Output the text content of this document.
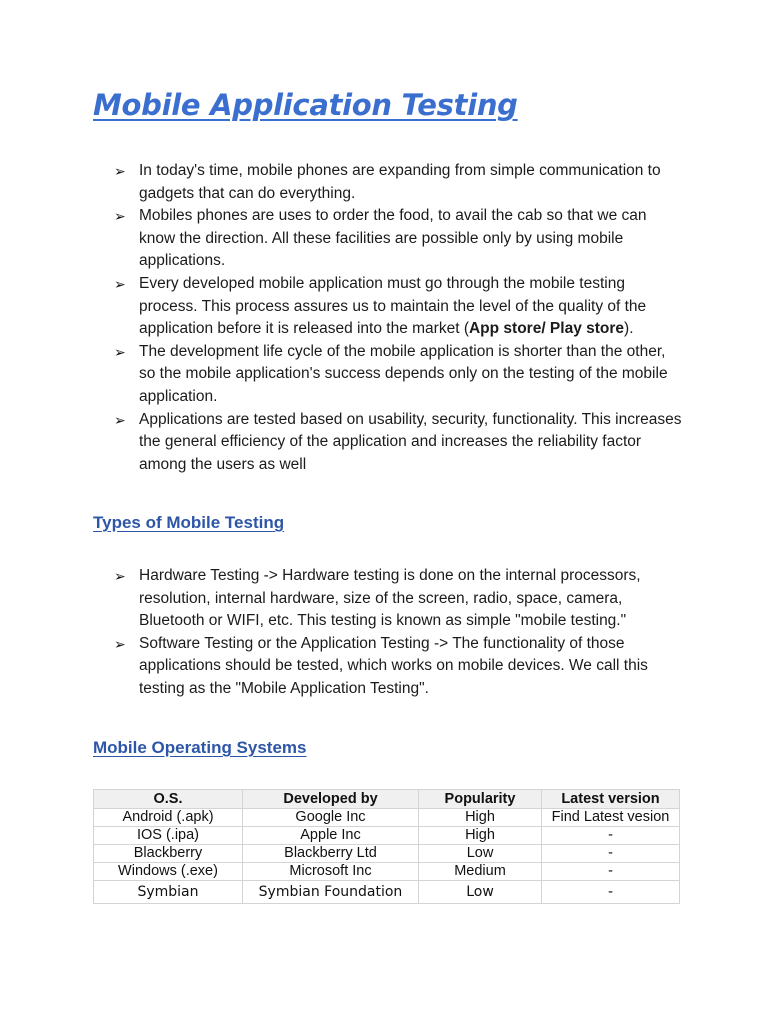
Mobile Application Testing
➢ In today's time, mobile phones are expanding from simple communication to gadgets that can do everything.
➢ Mobiles phones are uses to order the food, to avail the cab so that we can know the direction. All these facilities are possible only by using mobile applications.
➢ Every developed mobile application must go through the mobile testing process. This process assures us to maintain the level of the quality of the application before it is released into the market (App store/ Play store).
➢ The development life cycle of the mobile application is shorter than the other, so the mobile application's success depends only on the testing of the mobile application.
➢ Applications are tested based on usability, security, functionality. This increases the general efficiency of the application and increases the reliability factor among the users as well
Types of Mobile Testing
➢ Hardware Testing -> Hardware testing is done on the internal processors, resolution, internal hardware, size of the screen, radio, space, camera, Bluetooth or WIFI, etc. This testing is known as simple "mobile testing."
➢ Software Testing or the Application Testing -> The functionality of those applications should be tested, which works on mobile devices. We call this testing as the "Mobile Application Testing".
Mobile Operating Systems
O.S.	Developed by	Popularity	Latest version
Android (.apk)	Google Inc	High	Find Latest vesion
IOS (.ipa)	Apple Inc	High	-
Blackberry	Blackberry Ltd	Low	-
Windows (.exe)	Microsoft Inc	Medium	-
Symbian	Symbian Foundation	Low	-
